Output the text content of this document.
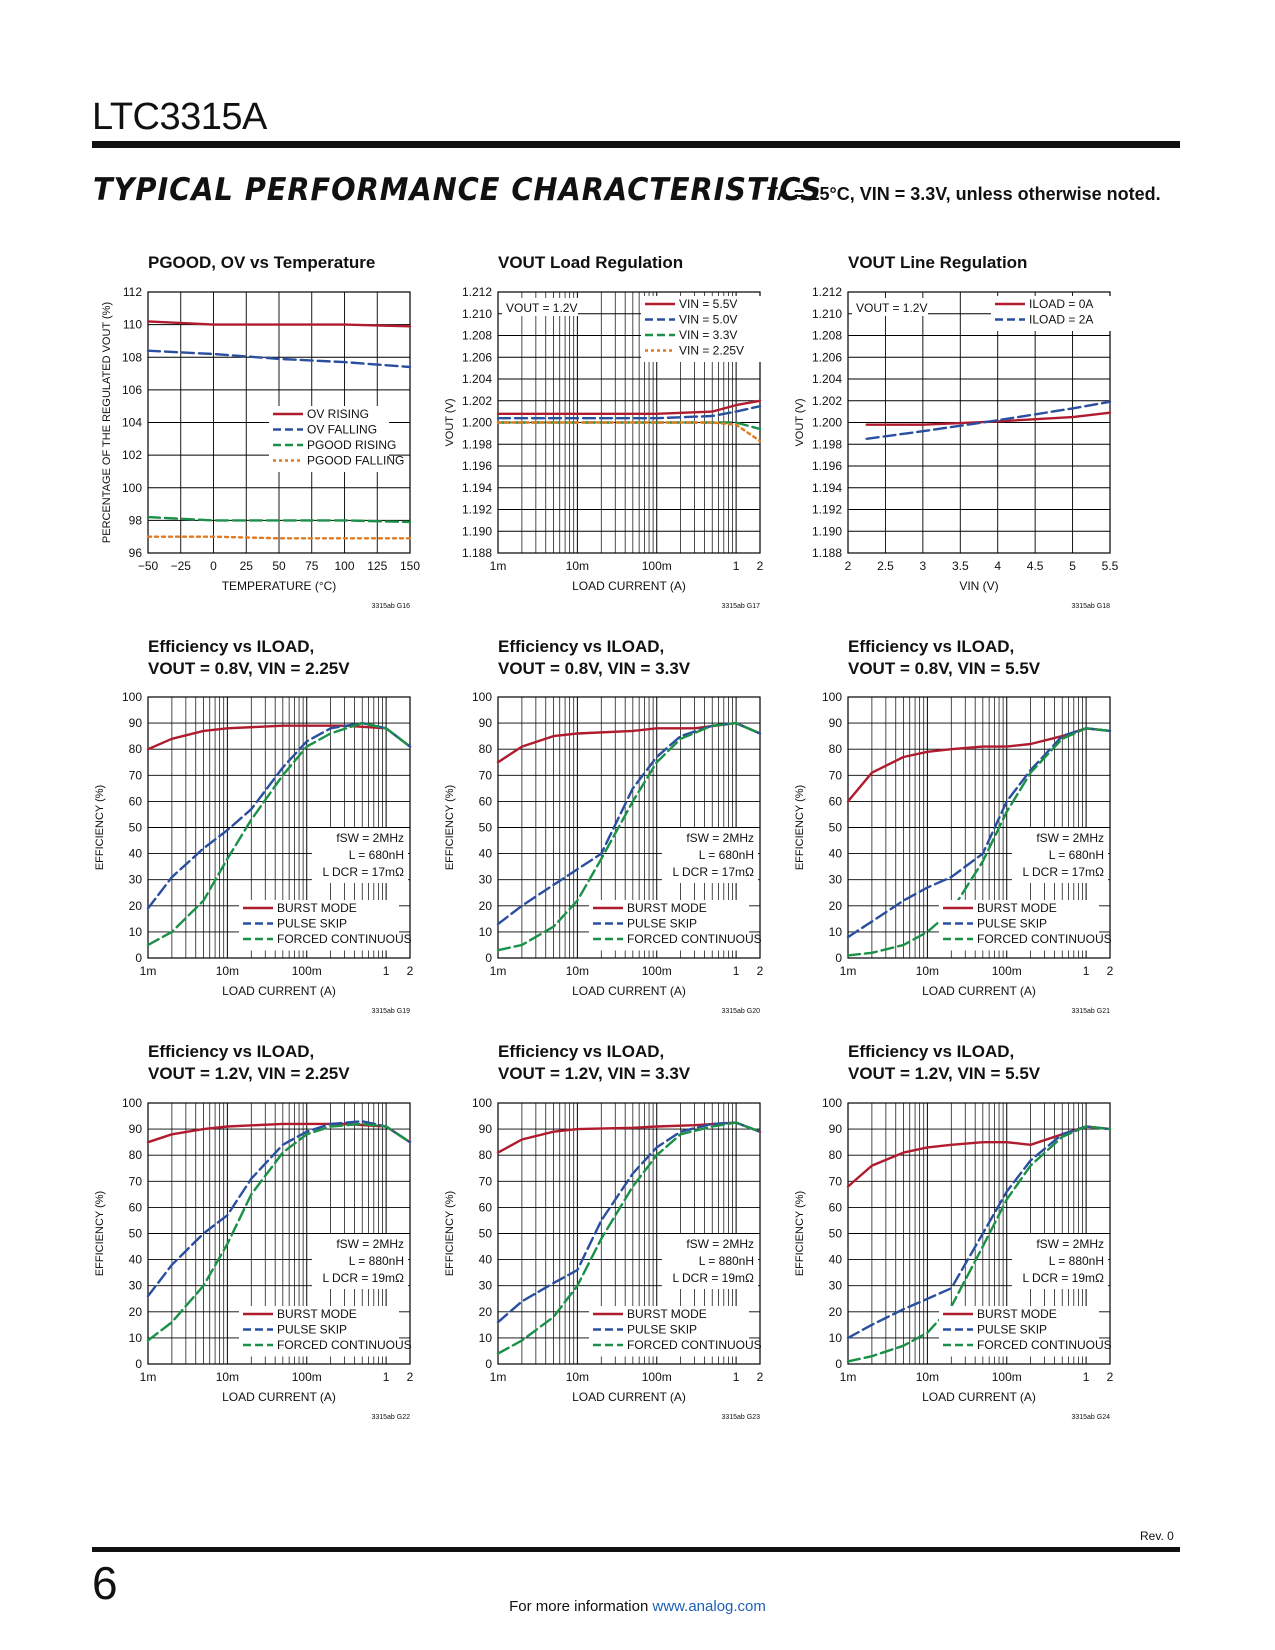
LTC3315A
TYPICAL PERFORMANCE CHARACTERISTICS
TA = 25°C, VIN = 3.3V, unless otherwise noted.
96
98
100
102
104
106
108
110
112
−50 −25 0 25 50 75 100 125 150
TEMPERATURE (°C)
PERCENTAGE OF THE REGULATED VOUT (%)
PGOOD, OV vs Temperature
3315ab G16
OV RISING
OV FALLING
PGOOD RISING
PGOOD FALLING
1.188
1.190
1.192
1.194
1.196
1.198
1.200
1.202
1.204
1.206
1.208
1.210
1.212
1m	10m	100m	1 2
LOAD CURRENT (A)
VOUT (V)
VOUT Load Regulation
3315ab G17
VIN = 5.5V
VIN = 5.0V
VIN = 3.3V
VIN = 2.25V
VOUT = 1.2V
1.188
1.190
1.192
1.194
1.196
1.198
1.200
1.202
1.204
1.206
1.208
1.210
1.212
2 2.5 3 3.5 4 4.5 5 5.5
VIN (V)
VOUT (V)
VOUT Line Regulation
3315ab G18
ILOAD = 0A
ILOAD = 2A
VOUT = 1.2V
0
10
20
30
40
50
60
70
80
90
100
1m	10m	100m	1 2
LOAD CURRENT (A)
EFFICIENCY (%)
Efficiency vs ILOAD,
VOUT = 0.8V, VIN = 2.25V
3315ab G19
BURST MODE
PULSE SKIP
FORCED CONTINUOUS
fSW = 2MHz
L = 680nH
L DCR = 17mΩ
0
10
20
30
40
50
60
70
80
90
100
1m	10m	100m	1 2
LOAD CURRENT (A)
EFFICIENCY (%)
Efficiency vs ILOAD,
VOUT = 0.8V, VIN = 3.3V
3315ab G20
BURST MODE
PULSE SKIP
FORCED CONTINUOUS
fSW = 2MHz
L = 680nH
L DCR = 17mΩ
0
10
20
30
40
50
60
70
80
90
100
1m	10m	100m	1 2
LOAD CURRENT (A)
EFFICIENCY (%)
Efficiency vs ILOAD,
VOUT = 0.8V, VIN = 5.5V
3315ab G21
BURST MODE
PULSE SKIP
FORCED CONTINUOUS
fSW = 2MHz
L = 680nH
L DCR = 17mΩ
0
10
20
30
40
50
60
70
80
90
100
1m	10m	100m	1 2
LOAD CURRENT (A)
EFFICIENCY (%)
Efficiency vs ILOAD,
VOUT = 1.2V, VIN = 2.25V
3315ab G22
BURST MODE
PULSE SKIP
FORCED CONTINUOUS
fSW = 2MHz
L = 880nH
L DCR = 19mΩ
0
10
20
30
40
50
60
70
80
90
100
1m	10m	100m	1 2
LOAD CURRENT (A)
EFFICIENCY (%)
Efficiency vs ILOAD,
VOUT = 1.2V, VIN = 3.3V
3315ab G23
BURST MODE
PULSE SKIP
FORCED CONTINUOUS
fSW = 2MHz
L = 880nH
L DCR = 19mΩ
0
10
20
30
40
50
60
70
80
90
100
1m	10m	100m	1 2
LOAD CURRENT (A)
EFFICIENCY (%)
Efficiency vs ILOAD,
VOUT = 1.2V, VIN = 5.5V
3315ab G24
BURST MODE
PULSE SKIP
FORCED CONTINUOUS
fSW = 2MHz
L = 880nH
L DCR = 19mΩ
Rev. 0
6	For more information www.analog.com
